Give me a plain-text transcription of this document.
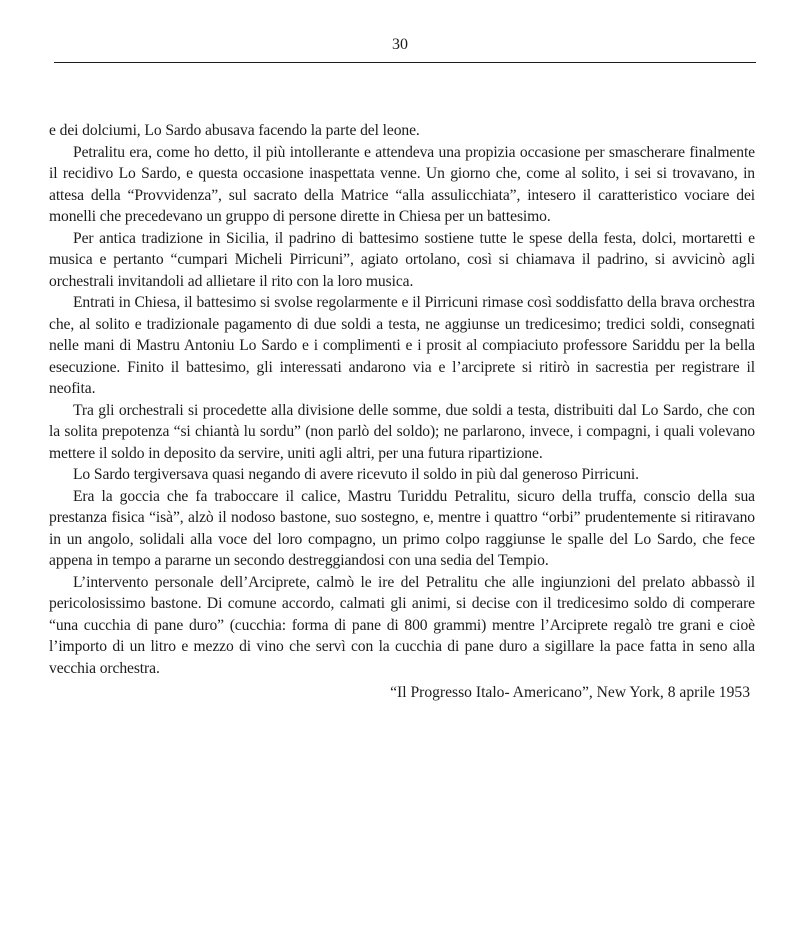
30

e dei dolciumi, Lo Sardo abusava facendo la parte del leone.

Petralitu era, come ho detto, il più intollerante e attendeva una propizia occasione per smascherare finalmente il recidivo Lo Sardo, e questa occasione inaspettata venne. Un giorno che, come al solito, i sei si trovavano, in attesa della “Provvidenza”, sul sacrato della Matrice “alla assulicchiata”, intesero il caratteristico vociare dei monelli che precedevano un gruppo di persone dirette in Chiesa per un battesimo.

Per antica tradizione in Sicilia, il padrino di battesimo sostiene tutte le spese della festa, dolci, mortaretti e musica e pertanto “cumpari Micheli Pirricuni”, agiato ortolano, così si chiamava il padrino, si avvicinò agli orchestrali invitandoli ad allietare il rito con la loro musica.

Entrati in Chiesa, il battesimo si svolse regolarmente e il Pirricuni rimase così soddisfatto della brava orchestra che, al solito e tradizionale pagamento di due soldi a testa, ne aggiunse un tredicesimo; tredici soldi, consegnati nelle mani di Mastru Antoniu Lo Sardo e i complimenti e i prosit al compiaciuto professore Sariddu per la bella esecuzione. Finito il battesimo, gli interessati andarono via e l’arciprete si ritirò in sacrestia per registrare il neofita.

Tra gli orchestrali si procedette alla divisione delle somme, due soldi a testa, distribuiti dal Lo Sardo, che con la solita prepotenza “si chiantà lu sordu” (non parlò del soldo); ne parlarono, invece, i compagni, i quali volevano mettere il soldo in deposito da servire, uniti agli altri, per una futura ripartizione.

Lo Sardo tergiversava quasi negando di avere ricevuto il soldo in più dal generoso Pirricuni.

Era la goccia che fa traboccare il calice, Mastru Turiddu Petralitu, sicuro della truffa, conscio della sua prestanza fisica “isà”, alzò il nodoso bastone, suo sostegno, e, mentre i quattro “orbi” prudentemente si ritiravano in un angolo, solidali alla voce del loro compagno, un primo colpo raggiunse le spalle del Lo Sardo, che fece appena in tempo a pararne un secondo destreggiandosi con una sedia del Tempio.

L’intervento personale dell’Arciprete, calmò le ire del Petralitu che alle ingiunzioni del prelato abbassò il pericolosissimo bastone. Di comune accordo, calmati gli animi, si decise con il tredicesimo soldo di comperare “una cucchia di pane duro” (cucchia: forma di pane di 800 grammi) mentre l’Arciprete regalò tre grani e cioè l’importo di un litro e mezzo di vino che servì con la cucchia di pane duro a sigillare la pace fatta in seno alla vecchia orchestra.

“Il Progresso Italo- Americano”, New York, 8 aprile 1953
